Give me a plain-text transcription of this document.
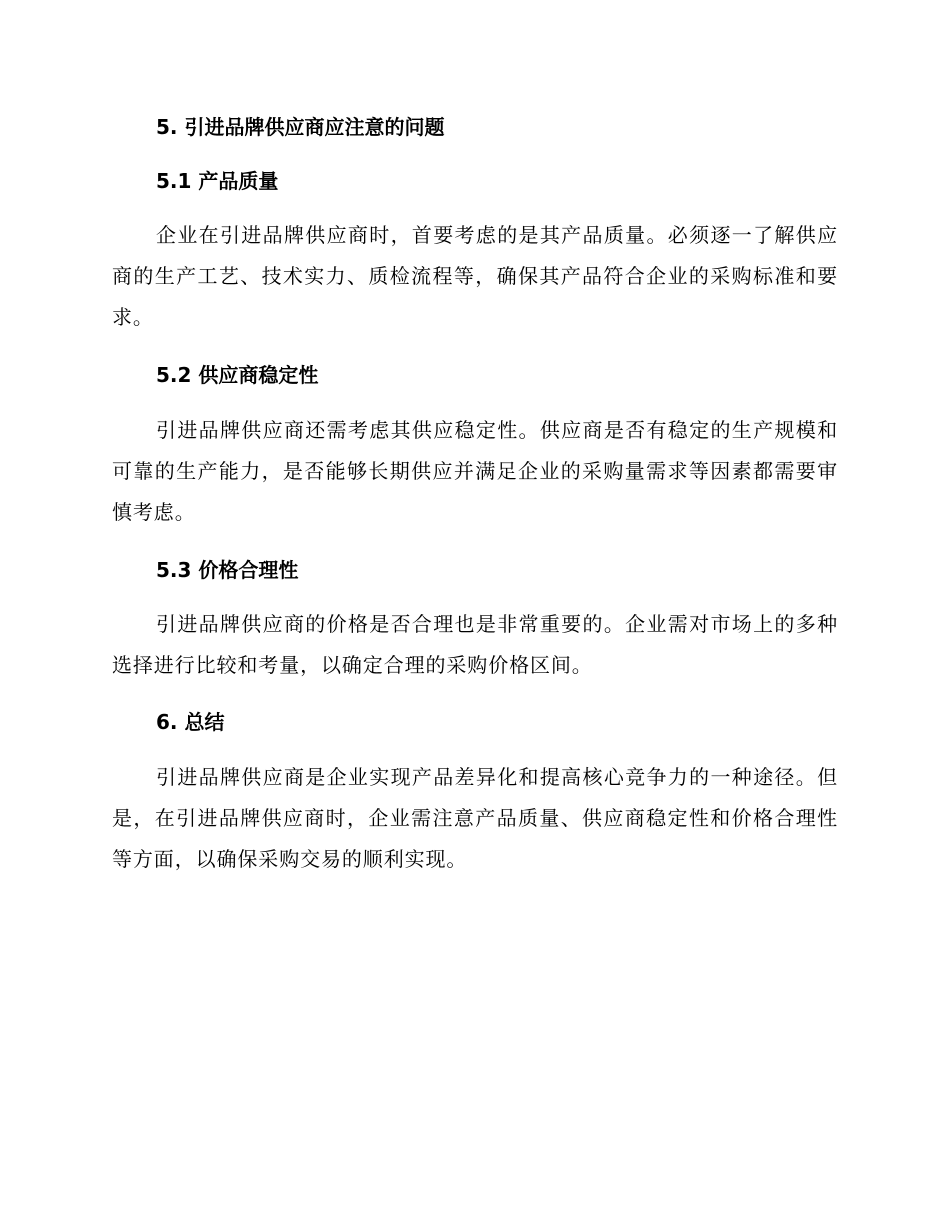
5. 引进品牌供应商应注意的问题
5.1 产品质量

企业在引进品牌供应商时，首要考虑的是其产品质量。必须逐一了解供应商的生产工艺、技术实力、质检流程等，确保其产品符合企业的采购标准和要求。

5.2 供应商稳定性

引进品牌供应商还需考虑其供应稳定性。供应商是否有稳定的生产规模和可靠的生产能力，是否能够长期供应并满足企业的采购量需求等因素都需要审慎考虑。

5.3 价格合理性

引进品牌供应商的价格是否合理也是非常重要的。企业需对市场上的多种选择进行比较和考量，以确定合理的采购价格区间。

6. 总结

引进品牌供应商是企业实现产品差异化和提高核心竞争力的一种途径。但是，在引进品牌供应商时，企业需注意产品质量、供应商稳定性和价格合理性等方面，以确保采购交易的顺利实现。
